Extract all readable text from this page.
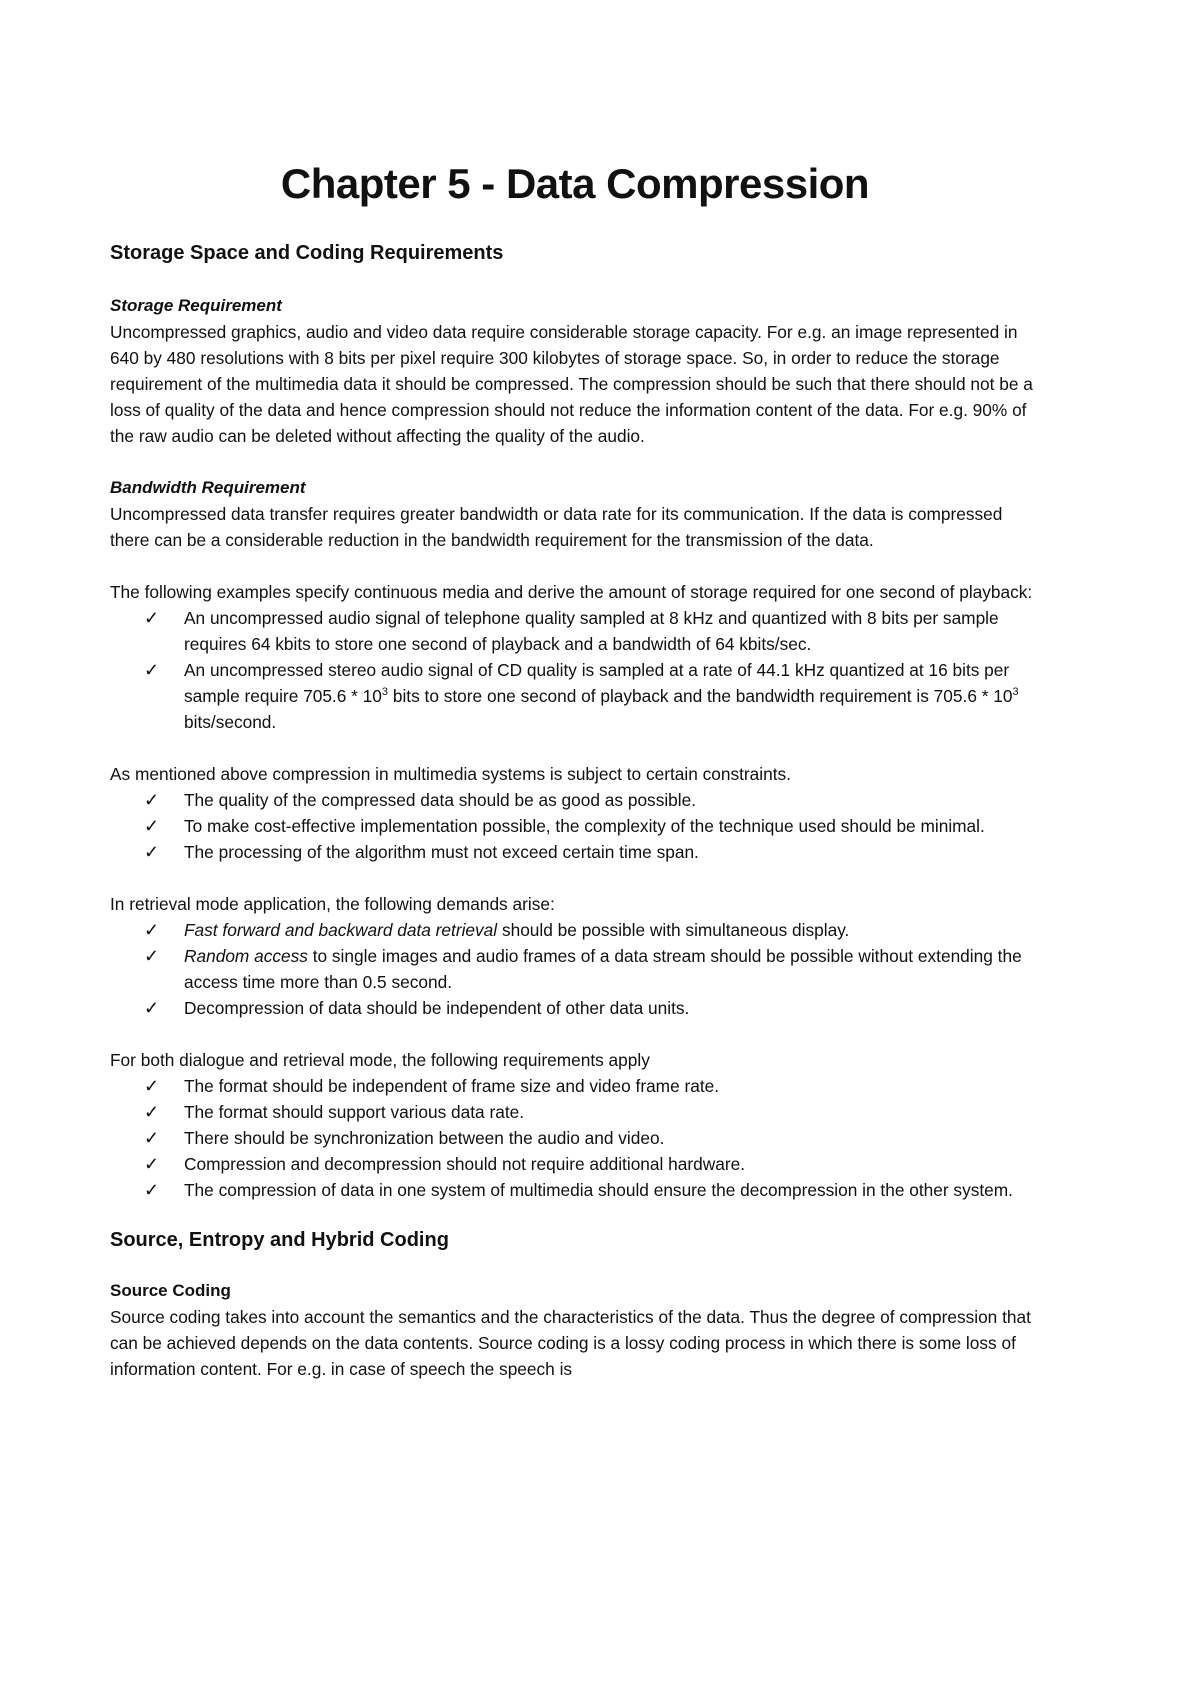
Chapter 5 - Data Compression
Storage Space and Coding Requirements
Storage Requirement

Uncompressed graphics, audio and video data require considerable storage capacity. For e.g. an image represented in 640 by 480 resolutions with 8 bits per pixel require 300 kilobytes of storage space. So, in order to reduce the storage requirement of the multimedia data it should be compressed. The compression should be such that there should not be a loss of quality of the data and hence compression should not reduce the information content of the data. For e.g. 90% of the raw audio can be deleted without affecting the quality of the audio.

Bandwidth Requirement

Uncompressed data transfer requires greater bandwidth or data rate for its communication. If the data is compressed there can be a considerable reduction in the bandwidth requirement for the transmission of the data.

The following examples specify continuous media and derive the amount of storage required for one second of playback:

✓ An uncompressed audio signal of telephone quality sampled at 8 kHz and quantized with 8 bits per sample requires 64 kbits to store one second of playback and a bandwidth of 64 kbits/sec.
✓ An uncompressed stereo audio signal of CD quality is sampled at a rate of 44.1 kHz quantized at 16 bits per sample require $705.6 * 10^3$ bits to store one second of playback and the bandwidth requirement is $705.6 * 10^3$ bits/second.

As mentioned above compression in multimedia systems is subject to certain constraints.

✓ The quality of the compressed data should be as good as possible.
✓ To make cost-effective implementation possible, the complexity of the technique used should be minimal.
✓ The processing of the algorithm must not exceed certain time span.

In retrieval mode application, the following demands arise:

✓ Fast forward and backward data retrieval should be possible with simultaneous display.
✓ Random access to single images and audio frames of a data stream should be possible without extending the access time more than 0.5 second.
✓ Decompression of data should be independent of other data units.

For both dialogue and retrieval mode, the following requirements apply

✓ The format should be independent of frame size and video frame rate.
✓ The format should support various data rate.
✓ There should be synchronization between the audio and video.
✓ Compression and decompression should not require additional hardware.
✓ The compression of data in one system of multimedia should ensure the decompression in the other system.
Source, Entropy and Hybrid Coding
Source Coding

Source coding takes into account the semantics and the characteristics of the data. Thus the degree of compression that can be achieved depends on the data contents. Source coding is a lossy coding process in which there is some loss of information content. For e.g. in case of speech the speech is
